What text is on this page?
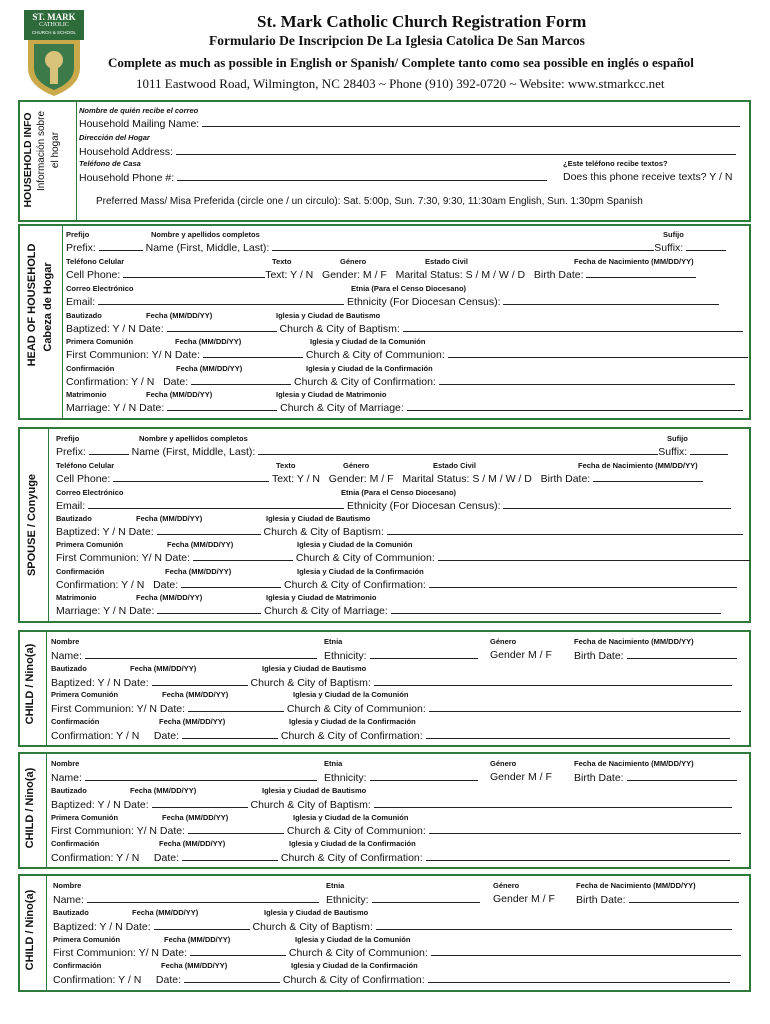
ST. MARK
CATHOLIC
CHURCH & SCHOOL
St. Mark Catholic Church Registration Form
Formulario De Inscripcion De La Iglesia Catolica De San Marcos
Complete as much as possible in English or Spanish/ Complete tanto como sea possible en inglés o español
1011 Eastwood Road, Wilmington, NC 28403 ~ Phone (910) 392-0720 ~ Website: www.stmarkcc.net
HOUSEHOLD INFO Información sobre el hogar
Nombre de quién recibe el correo
Household Mailing Name:
Dirección del Hogar
Household Address:
Teléfono de Casa	¿Este teléfono recibe textos?
Household Phone #:	Does this phone receive texts? Y / N
Preferred Mass/ Misa Preferida (circle one / un circulo): Sat. 5:00p, Sun. 7:30, 9:30, 11:30am English, Sun. 1:30pm Spanish
HEAD OF HOUSEHOLD Cabeza de Hogar
Prefijo	Nombre y apellidos completos	Sufijo
Prefix:	Name (First, Middle, Last):	Suffix:
Teléfono Celular	Texto	Género	Estado Civil	Fecha de Nacimiento (MM/DD/YY)
Cell Phone:	Text: Y / N Gender: M / F Marital Status: S / M / W / D Birth Date:
Correo Electrónico	Etnia (Para el Censo Diocesano)
Email:	Ethnicity (For Diocesan Census):
Bautizado	Fecha (MM/DD/YY)	Iglesia y Ciudad de Bautismo
Baptized: Y / N Date:	Church & City of Baptism:
Primera Comunión	Fecha (MM/DD/YY)	Iglesia y Ciudad de la Comunión
First Communion: Y/ N Date:	Church & City of Communion:
Confirmación	Fecha (MM/DD/YY)	Iglesia y Ciudad de la Confirmación
Confirmation: Y / N Date:	Church & City of Confirmation:
Matrimonio	Fecha (MM/DD/YY)	Iglesia y Ciudad de Matrimonio
Marriage: Y / N Date:	Church & City of Marriage:
SPOUSE / Conyuge
Prefijo	Nombre y apellidos completos	Sufijo
Prefix:	Name (First, Middle, Last):	Suffix:
Teléfono Celular	Texto	Género	Estado Civil	Fecha de Nacimiento (MM/DD/YY)
Cell Phone:	Text: Y / N Gender: M / F Marital Status: S / M / W / D Birth Date:
Correo Electrónico	Etnia (Para el Censo Diocesano)
Email:	Ethnicity (For Diocesan Census):
Bautizado	Fecha (MM/DD/YY)	Iglesia y Ciudad de Bautismo
Baptized: Y / N Date:	Church & City of Baptism:
Primera Comunión	Fecha (MM/DD/YY)	Iglesia y Ciudad de la Comunión
First Communion: Y/ N Date:	Church & City of Communion:
Confirmación	Fecha (MM/DD/YY)	Iglesia y Ciudad de la Confirmación
Confirmation: Y / N Date:	Church & City of Confirmation:
Matrimonio	Fecha (MM/DD/YY)	Iglesia y Ciudad de Matrimonio
Marriage: Y / N Date:	Church & City of Marriage:
CHILD / Nino(a)
Nombre	Etnia	Género	Fecha de Nacimiento (MM/DD/YY)
Name:	Ethnicity:	Gender M / F Birth Date:
Bautizado	Fecha (MM/DD/YY)	Iglesia y Ciudad de Bautismo
Baptized: Y / N Date:	Church & City of Baptism:
Primera Comunión	Fecha (MM/DD/YY)	Iglesia y Ciudad de la Comunión
First Communion: Y/ N Date:	Church & City of Communion:
Confirmación	Fecha (MM/DD/YY)	Iglesia y Ciudad de la Confirmación
Confirmation: Y / N Date:	Church & City of Confirmation:
CHILD / Nino(a)
Nombre	Etnia	Género	Fecha de Nacimiento (MM/DD/YY)
Name:	Ethnicity:	Gender M / F Birth Date:
Bautizado	Fecha (MM/DD/YY)	Iglesia y Ciudad de Bautismo
Baptized: Y / N Date:	Church & City of Baptism:
Primera Comunión	Fecha (MM/DD/YY)	Iglesia y Ciudad de la Comunión
First Communion: Y/ N Date:	Church & City of Communion:
Confirmación	Fecha (MM/DD/YY)	Iglesia y Ciudad de la Confirmación
Confirmation: Y / N Date:	Church & City of Confirmation:
CHILD / Nino(a)
Nombre	Etnia	Género	Fecha de Nacimiento (MM/DD/YY)
Name:	Ethnicity:	Gender M / F Birth Date:
Bautizado	Fecha (MM/DD/YY)	Iglesia y Ciudad de Bautismo
Baptized: Y / N Date:	Church & City of Baptism:
Primera Comunión	Fecha (MM/DD/YY)	Iglesia y Ciudad de la Comunión
First Communion: Y/ N Date:	Church & City of Communion:
Confirmación	Fecha (MM/DD/YY)	Iglesia y Ciudad de la Confirmación
Confirmation: Y / N Date:	Church & City of Confirmation:
